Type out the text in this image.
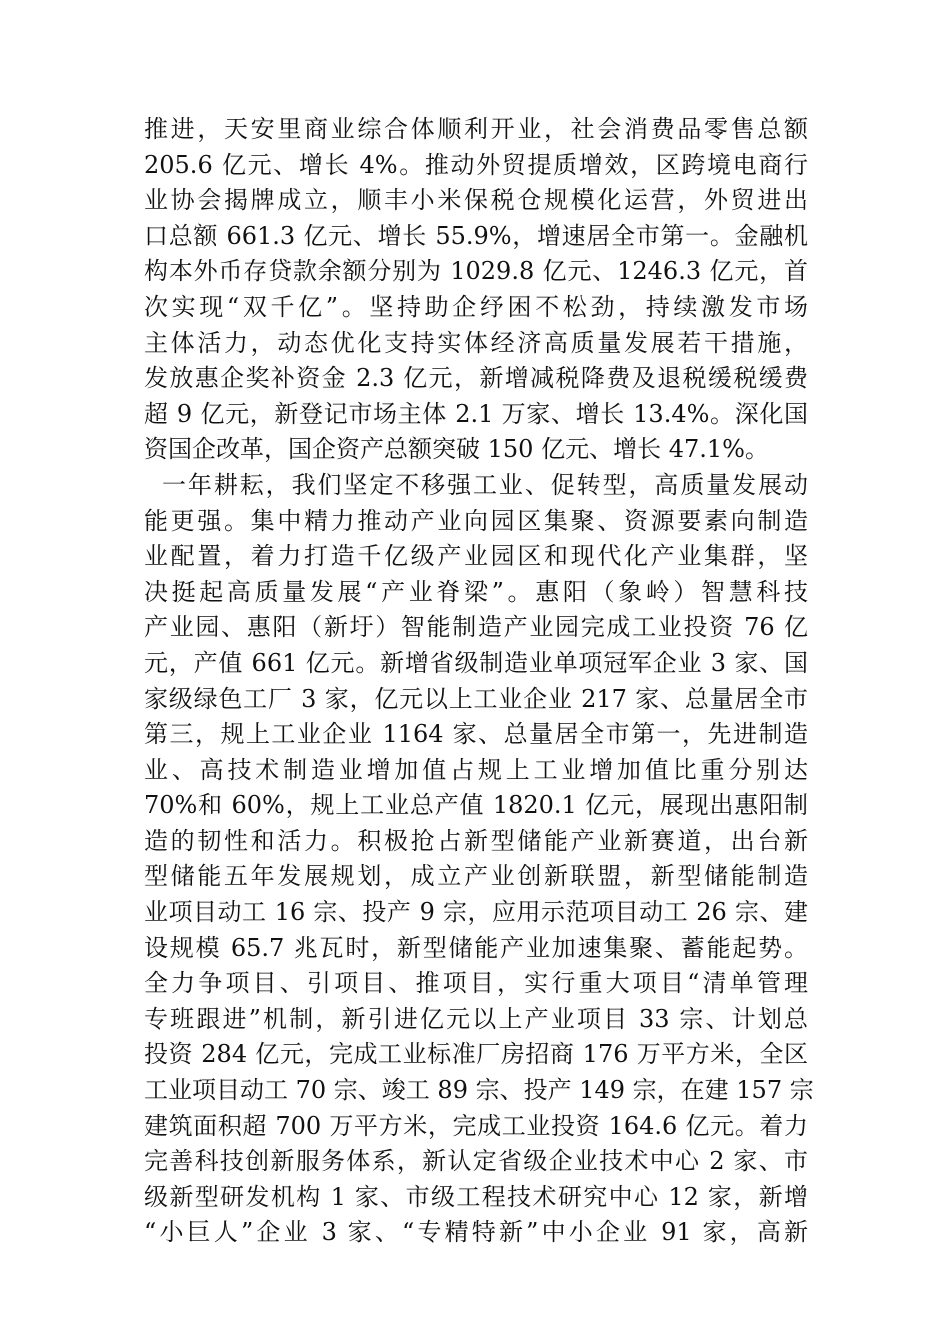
推进，天安里商业综合体顺利开业，社会消费品零售总额
205.6 亿元、增长 4%。推动外贸提质增效，区跨境电商行
业协会揭牌成立，顺丰小米保税仓规模化运营，外贸进出
口总额 661.3 亿元、增长 55.9%，增速居全市第一。金融机
构本外币存贷款余额分别为 1029.8 亿元、1246.3 亿元，首
次实现“双千亿”。坚持助企纾困不松劲，持续激发市场
主体活力，动态优化支持实体经济高质量发展若干措施，
发放惠企奖补资金 2.3 亿元，新增减税降费及退税缓税缓费
超 9 亿元，新登记市场主体 2.1 万家、增长 13.4%。深化国
资国企改革，国企资产总额突破 150 亿元、增长 47.1%。
一年耕耘，我们坚定不移强工业、促转型，高质量发展动
能更强。集中精力推动产业向园区集聚、资源要素向制造
业配置，着力打造千亿级产业园区和现代化产业集群，坚
决挺起高质量发展“产业脊梁”。惠阳（象岭）智慧科技
产业园、惠阳（新圩）智能制造产业园完成工业投资 76 亿
元，产值 661 亿元。新增省级制造业单项冠军企业 3 家、国
家级绿色工厂 3 家，亿元以上工业企业 217 家、总量居全市
第三，规上工业企业 1164 家、总量居全市第一，先进制造
业、高技术制造业增加值占规上工业增加值比重分别达
70%和 60%，规上工业总产值 1820.1 亿元，展现出惠阳制
造的韧性和活力。积极抢占新型储能产业新赛道，出台新
型储能五年发展规划，成立产业创新联盟，新型储能制造
业项目动工 16 宗、投产 9 宗，应用示范项目动工 26 宗、建
设规模 65.7 兆瓦时，新型储能产业加速集聚、蓄能起势。
全力争项目、引项目、推项目，实行重大项目“清单管理
专班跟进”机制，新引进亿元以上产业项目 33 宗、计划总
投资 284 亿元，完成工业标准厂房招商 176 万平方米，全区
工业项目动工 70 宗、竣工 89 宗、投产 149 宗，在建 157 宗
建筑面积超 700 万平方米，完成工业投资 164.6 亿元。着力
完善科技创新服务体系，新认定省级企业技术中心 2 家、市
级新型研发机构 1 家、市级工程技术研究中心 12 家，新增
“小巨人”企业 3 家、“专精特新”中小企业 91 家，高新
